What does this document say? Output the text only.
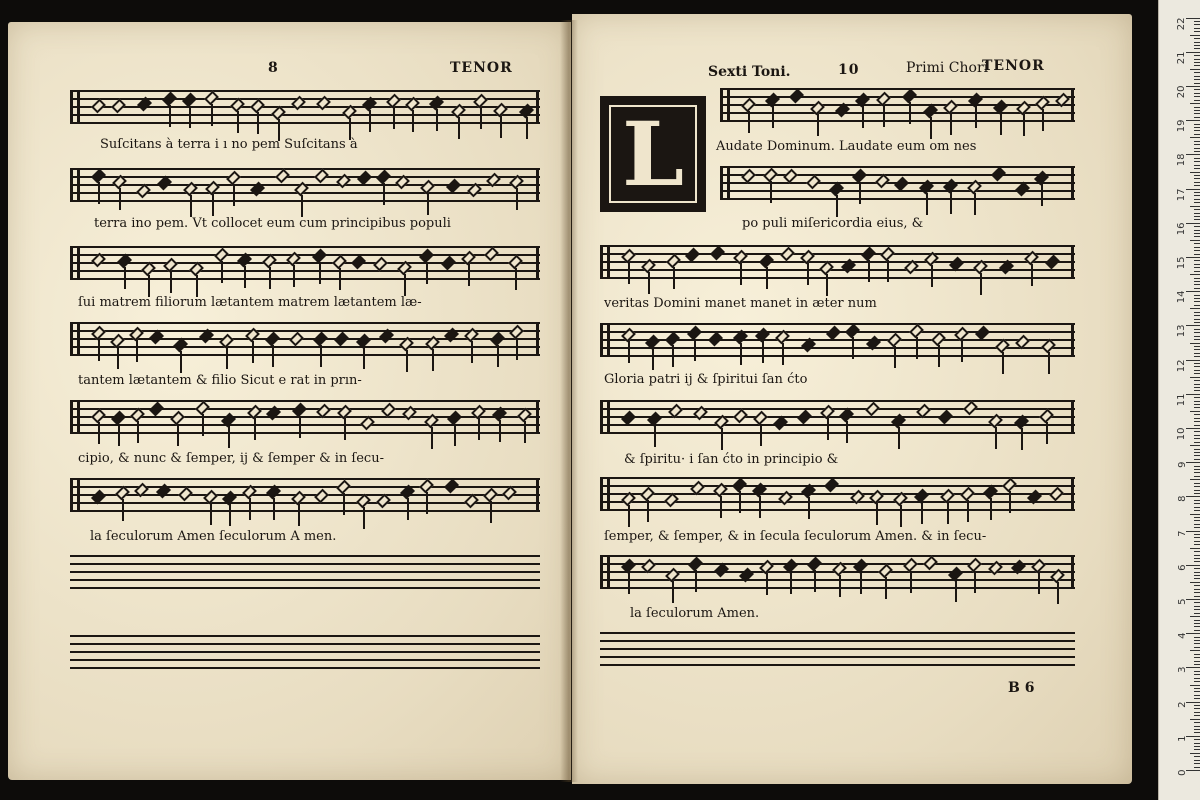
8	TENOR
Suſcitans à terra i ı no pem Suſcitans à
terra ino pem. Vt collocet eum cum principibus populi
ſui matrem filiorum lætantem matrem lætantem læ-
tantem lætantem & filio Sicut e rat in prın-
cipio, & nunc & ſemper, ij & ſemper & in ſecu-
la ſeculorum Amen ſeculorum A men.
Sexti Toni.	10	Primi Chori
TENOR
L	Audate Dominum. Laudate eum om nes
po puli miſericordia eius, &
veritas Domini manet manet in æter num
Gloria patri ij & ſpiritui ſan ćto
& ſpiritu· i ſan ćto in principio &
ſemper, & ſemper, & in ſecula ſeculorum Amen. & in ſecu-
la ſeculorum Amen.
B 6
0
1
2
3
4
5
6
7
8
9
10
11
12
13
14
15
16
17
18
19
20
21
22
